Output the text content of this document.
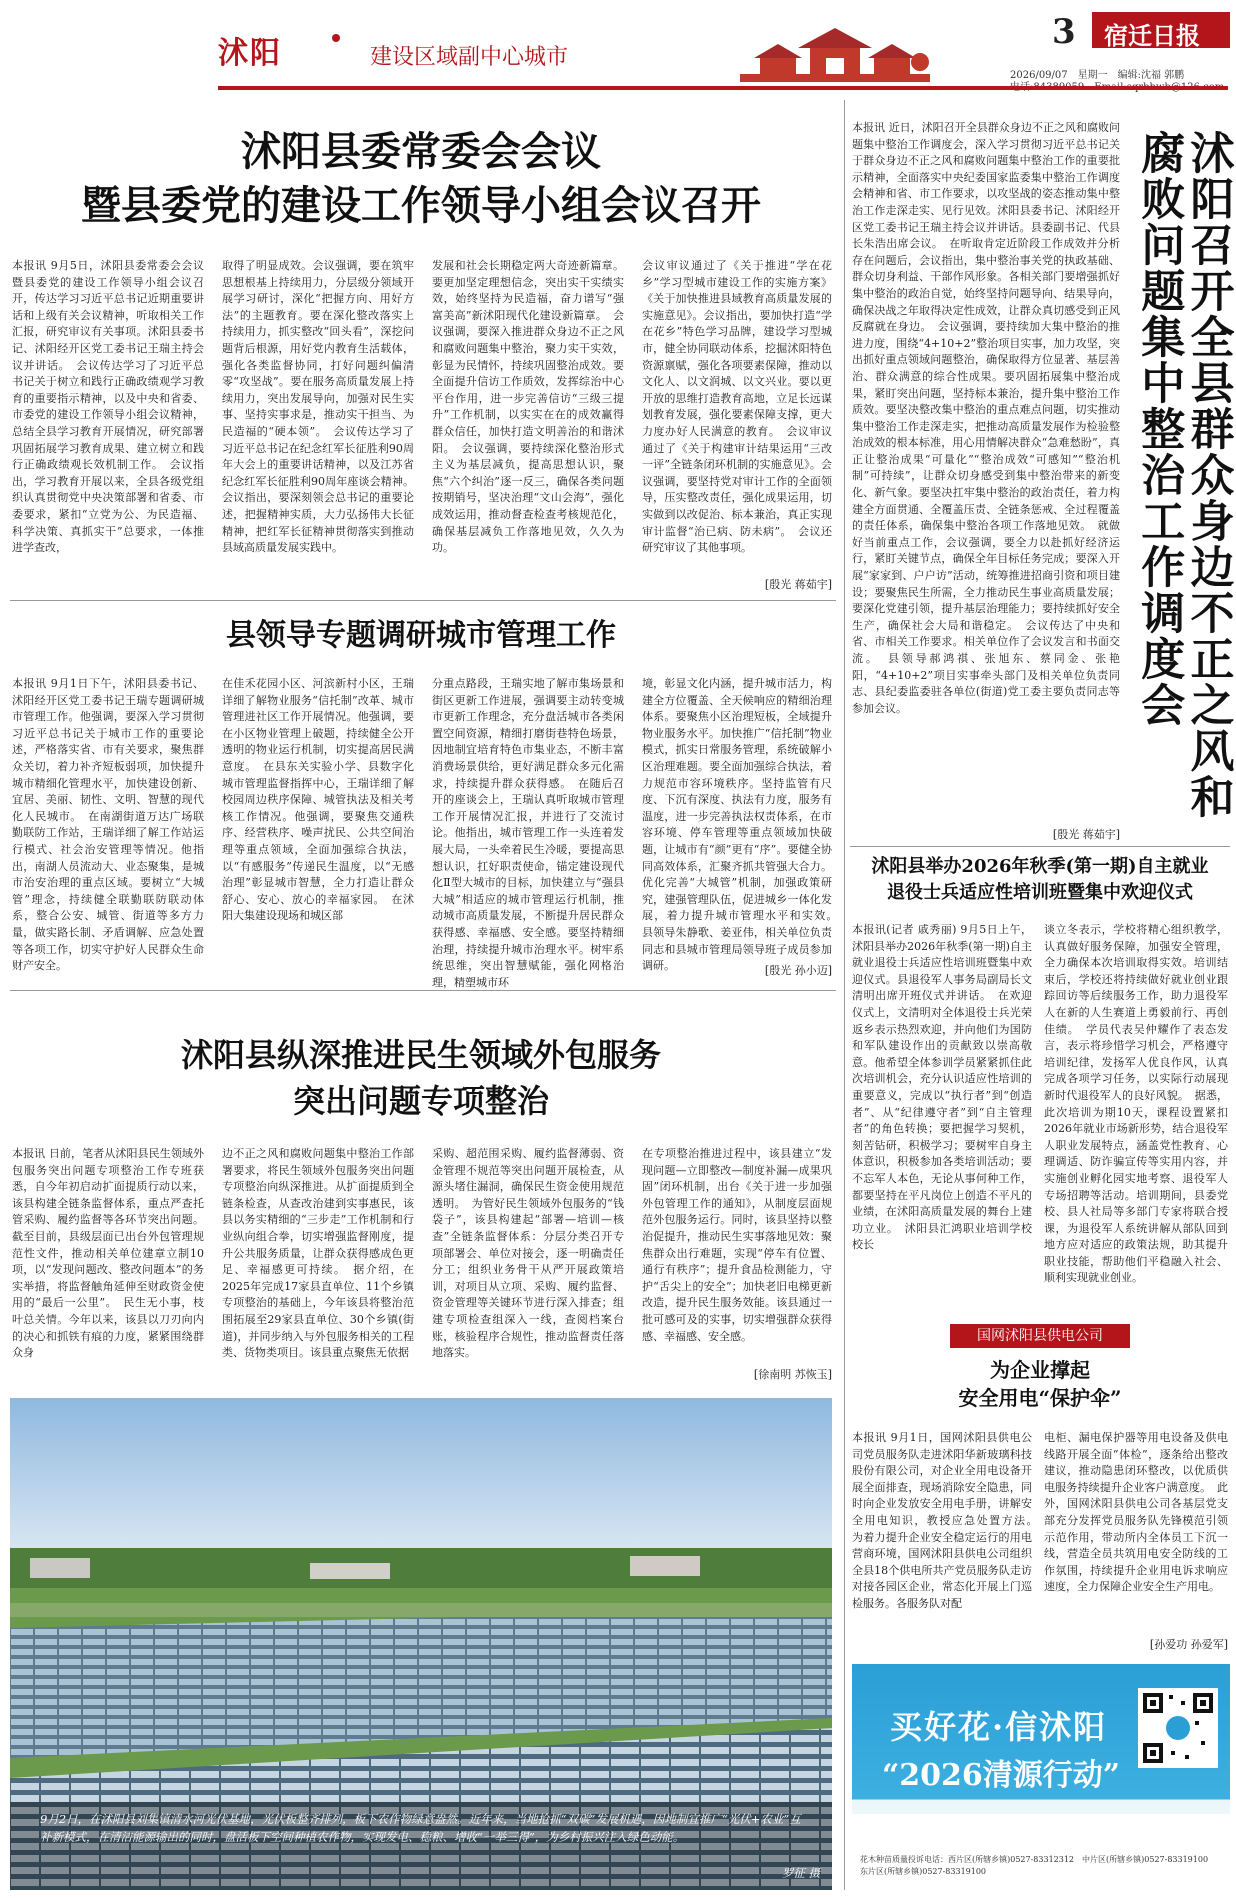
沭阳	建设区域副中心城市
3 宿迁日报
2026/09/07　星期一　编辑:沈福 郭鹏
沭阳县委常委会会议
暨县委党的建设工作领导小组会议召开
本报讯 9月5日，沭阳县委常委会会议暨县委党的建设工作领导小组会议召开，传达学习习近平总书记近期重要讲话和上级有关会议精神，听取相关工作汇报，研究审议有关事项。沭阳县委书记、沭阳经开区党工委书记王瑞主持会议并讲话。　会议传达学习了习近平总书记关于树立和践行正确政绩观学习教育的重要指示精神，以及中央和省委、市委党的建设工作领导小组会议精神，总结全县学习教育开展情况，研究部署巩固拓展学习教育成果、建立树立和践行正确政绩观长效机制工作。　会议指出，学习教育开展以来，全县各级党组织认真贯彻党中央决策部署和省委、市委要求，紧扣“立党为公、为民造福、科学决策、真抓实干”总要求，一体推进学查改，
取得了明显成效。会议强调，要在筑牢思想根基上持续用力，分层级分领域开展学习研讨，深化“把握方向、用好方法”的主题教育。要在深化整改落实上持续用力，抓实整改“回头看”，深挖问题背后根源，用好党内教育生活载体，强化各类监督协同，打好问题纠偏清零“攻坚战”。要在服务高质量发展上持续用力，突出发展导向，加强对民生实事、坚持实事求是，推动实干担当、为民造福的“硬本领”。　会议传达学习了习近平总书记在纪念红军长征胜利90周年大会上的重要讲话精神，以及江苏省纪念红军长征胜利90周年座谈会精神。会议指出，要深刻领会总书记的重要论述，把握精神实质，大力弘扬伟大长征精神，把红军长征精神贯彻落实到推动县域高质量发展实践中。
发展和社会长期稳定两大奇迹新篇章。要更加坚定理想信念，突出实干实绩实效，始终坚持为民造福，奋力谱写“强富美高”新沭阳现代化建设新篇章。　会议强调，要深入推进群众身边不正之风和腐败问题集中整治，聚力实干实效，彰显为民情怀，持续巩固整治成效。要全面提升信访工作质效，发挥综治中心平台作用，进一步完善信访“三级三提升”工作机制，以实实在在的成效赢得群众信任，加快打造文明善治的和谐沭阳。　会议强调，要持续深化整治形式主义为基层减负，提高思想认识，聚焦“六个纠治”逐一反三，确保各类问题按期销号，坚决治理“文山会海”，强化成效运用，推动督查检查考核规范化，确保基层减负工作落地见效，久久为功。
会议审议通过了《关于推进“学在花乡”学习型城市建设工作的实施方案》《关于加快推进县域教育高质量发展的实施意见》。会议指出，要加快打造“学在花乡”特色学习品牌，建设学习型城市，健全协同联动体系，挖掘沭阳特色资源禀赋，强化各项要素保障，推动以文化人、以文润城、以文兴业。要以更开放的思维打造教育高地，立足长远谋划教育发展，强化要素保障支撑，更大力度办好人民满意的教育。　会议审议通过了《关于构建审计结果运用“三改一评”全链条闭环机制的实施意见》。会议强调，要坚持党对审计工作的全面领导，压实整改责任，强化成果运用，切实做到以改促治、标本兼治，真正实现审计监督“治已病、防未病”。　会议还研究审议了其他事项。
[殷光 蒋茹宇]
县领导专题调研城市管理工作
本报讯 9月1日下午，沭阳县委书记、沭阳经开区党工委书记王瑞专题调研城市管理工作。他强调，要深入学习贯彻习近平总书记关于城市工作的重要论述，严格落实省、市有关要求，聚焦群众关切，着力补齐短板弱项，加快提升城市精细化管理水平，加快建设创新、宜居、美丽、韧性、文明、智慧的现代化人民城市。　在南湖街道万达广场联勤联防工作站，王瑞详细了解工作站运行模式、社会治安管理等情况。他指出，南湖人员流动大、业态聚集，是城市治安治理的重点区域。要树立“大城管”理念，持续健全联勤联防联动体系，整合公安、城管、街道等多方力量，做实路长制、矛盾调解、应急处置等各项工作，切实守护好人民群众生命财产安全。
在佳禾花园小区、河滨新村小区，王瑞详细了解物业服务“信托制”改革、城市管理进社区工作开展情况。他强调，要在小区物业管理上破题，持续健全公开透明的物业运行机制，切实提高居民满意度。　在县东关实验小学、县数字化城市管理监督指挥中心，王瑞详细了解校园周边秩序保障、城管执法及相关考核工作情况。他强调，要聚焦交通秩序、经营秩序、噪声扰民、公共空间治理等重点领域，全面加强综合执法，以“有感服务”传递民生温度，以“无感治理”彰显城市智慧，全力打造让群众舒心、安心、放心的幸福家园。　在沭阳大集建设现场和城区部
分重点路段，王瑞实地了解市集场景和街区更新工作进展，强调要主动转变城市更新工作理念，充分盘活城市各类闲置空间资源，精细打磨街巷特色场景，因地制宜培育特色市集业态，不断丰富消费场景供给，更好满足群众多元化需求，持续提升群众获得感。　在随后召开的座谈会上，王瑞认真听取城市管理工作开展情况汇报，并进行了交流讨论。他指出，城市管理工作一头连着发展大局，一头牵着民生冷暖，要提高思想认识，扛好职责使命，锚定建设现代化Ⅱ型大城市的目标，加快建立与“强县大城”相适应的城市管理运行机制，推动城市高质量发展，不断提升居民群众获得感、幸福感、安全感。要坚持精细治理，持续提升城市治理水平。树牢系统思维，突出智慧赋能，强化网格治理，精塑城市环
境，彰显文化内涵，提升城市活力，构建全方位覆盖、全天候响应的精细治理体系。要聚焦小区治理短板，全域提升物业服务水平。加快推广“信托制”物业模式，抓实日常服务管理，系统破解小区治理难题。要全面加强综合执法，着力规范市容环境秩序。坚持监管有尺度、下沉有深度、执法有力度，服务有温度，进一步完善执法权责体系，在市容环境、停车管理等重点领域加快破题，让城市有“颜”更有“序”。要健全协同高效体系，汇聚齐抓共管强大合力。优化完善“大城管”机制，加强政策研究，建强管理队伍，促进城乡一体化发展，着力提升城市管理水平和实效。　县领导朱静歌、姜亚伟，相关单位负责同志和县城市管理局领导班子成员参加调研。	[殷光 孙小迈]
沭阳县纵深推进民生领域外包服务
突出问题专项整治
本报讯 日前，笔者从沭阳县民生领域外包服务突出问题专项整治工作专班获悉，自今年初启动扩面提质行动以来，该县构建全链条监督体系，重点严查托管采购、履约监督等各环节突出问题。截至目前，县级层面已出台外包管理规范性文件，推动相关单位建章立制10项，以“发现问题改、整改问题本”的务实举措，将监督触角延伸至财政资金使用的“最后一公里”。　民生无小事，枝叶总关情。今年以来，该县以刀刃向内的决心和抓铁有痕的力度，紧紧围绕群众身
边不正之风和腐败问题集中整治工作部署要求，将民生领域外包服务突出问题专项整治向纵深推进。从扩面提质到全链条检查，从查改治建到实事惠民，该县以务实精细的“三步走”工作机制和行业纵向组合拳，切实增强监督刚度，提升公共服务质量，让群众获得感成色更足、幸福感更可持续。　据介绍，在2025年完成17家县直单位、11个乡镇专项整治的基础上，今年该县将整治范围拓展至29家县直单位、30个乡镇(街道)，并同步纳入与外包服务相关的工程类、货物类项目。该县重点聚焦无依据
采购、超范围采购、履约监督薄弱、资金管理不规范等突出问题开展检查，从源头堵住漏洞，确保民生资金使用规范透明。　为管好民生领域外包服务的“钱袋子”，该县构建起“部署—培训—核查”全链条监督体系：分层分类召开专项部署会、单位对接会，逐一明确责任分工；组织业务骨干从严开展政策培训，对项目从立项、采购、履约监督、资金管理等关键环节进行深入排查；组建专项检查组深入一线，查阅档案台账，核验程序合规性，推动监督责任落地落实。
在专项整治推进过程中，该县建立“发现问题—立即整改—制度补漏—成果巩固”闭环机制，出台《关于进一步加强外包管理工作的通知》，从制度层面规范外包服务运行。同时，该县坚持以整治促提升，推动民生实事落地见效：聚焦群众出行难题，实现“停车有位置、通行有秩序”；提升食品检测能力，守护“舌尖上的安全”；加快老旧电梯更新改造，提升民生服务效能。该县通过一批可感可及的实事，切实增强群众获得感、幸福感、安全感。
[徐南明 苏恢玉]
9月2日，在沭阳县刘集镇清水河光伏基地，光伏板整齐排列，板下农作物绿意盎然。近年来，当地抢抓“双碳”发展机遇，因地制宜推广“光伏+农业”互补新模式，在清洁能源输出的同时，盘活板下空间种植农作物，实现发电、稳粮、增收“一举三得”，为乡村振兴注入绿色动能。
罗征 摄
本报讯 近日，沭阳召开全县群众身边不正之风和腐败问题集中整治工作调度会，深入学习贯彻习近平总书记关于群众身边不正之风和腐败问题集中整治工作的重要批示精神，全面落实中央纪委国家监委集中整治工作调度会精神和省、市工作要求，以攻坚战的姿态推动集中整治工作走深走实、见行见效。沭阳县委书记、沭阳经开区党工委书记王瑞主持会议并讲话。县委副书记、代县长朱浩出席会议。　在听取肯定近阶段工作成效并分析存在问题后，会议指出，集中整治事关党的执政基础、群众切身利益、干部作风形象。各相关部门要增强抓好集中整治的政治自觉，始终坚持问题导向、结果导向，确保决战之年取得决定性成效，让群众真切感受到正风反腐就在身边。　会议强调，要持续加大集中整治的推进力度，围绕“4+10+2”整治项目实事，加力攻坚，突出抓好重点领域问题整治，确保取得方位显著、基层善治、群众满意的综合性成果。要巩固拓展集中整治成果，紧盯突出问题，坚持标本兼治，提升集中整治工作质效。要坚决整改集中整治的重点难点问题，切实推动集中整治工作走深走实，把推动高质量发展作为检验整治成效的根本标准，用心用情解决群众“急难愁盼”，真正让整治成果“可量化”“整治成效“可感知”“整治机制”可持续”，让群众切身感受到集中整治带来的新变化、新气象。要坚决扛牢集中整治的政治责任，着力构建全方面贯通、全覆盖压责、全链条惩戒、全过程覆盖的责任体系，确保集中整治各项工作落地见效。　就做好当前重点工作，会议强调，要全力以赴抓好经济运行，紧盯关键节点，确保全年目标任务完成；要深入开展“家家到、户户访”活动，统筹推进招商引资和项目建设；要聚焦民生所需，全力推动民生事业高质量发展；要深化党建引领，提升基层治理能力；要持续抓好安全生产，确保社会大局和谐稳定。　会议传达了中央和省、市相关工作要求。相关单位作了会议发言和书面交流。　县领导郝鸿祺、张旭东、蔡同金、张艳阳，“4+10+2”项目实事牵头部门及相关单位负责同志、县纪委监委驻各单位(街道)党工委主要负责同志等参加会议。
[殷光 蒋茹宇]
沭阳召开全县群众身边不正之风和腐败问题集中整治工作调度会
沭阳县举办2026年秋季(第一期)自主就业
退役士兵适应性培训班暨集中欢迎仪式
本报讯(记者 戚秀丽) 9月5日上午，沭阳县举办2026年秋季(第一期)自主就业退役士兵适应性培训班暨集中欢迎仪式。县退役军人事务局副局长文清明出席开班仪式并讲话。　在欢迎仪式上，文清明对全体退役士兵光荣返乡表示热烈欢迎，并向他们为国防和军队建设作出的贡献致以崇高敬意。他希望全体参训学员紧紧抓住此次培训机会，充分认识适应性培训的重要意义，完成以“执行者”到“创造者”、从“纪律遵守者”到“自主管理者”的角色转换；要把握学习契机，刻苦钻研，积极学习；要树牢自身主体意识，积极参加各类培训活动；要不忘军人本色，无论从事何种工作，都要坚持在平凡岗位上创造不平凡的业绩，在沭阳高质量发展的舞台上建功立业。　沭阳县汇鸿职业培训学校校长
谈立冬表示，学校将精心组织教学，认真做好服务保障，加强安全管理，全力确保本次培训取得实效。培训结束后，学校还将持续做好就业创业跟踪回访等后续服务工作，助力退役军人在新的人生赛道上勇毅前行、再创佳绩。　学员代表吴仲耀作了表态发言，表示将珍惜学习机会，严格遵守培训纪律，发扬军人优良作风，认真完成各项学习任务，以实际行动展现新时代退役军人的良好风貌。　据悉，此次培训为期10天，课程设置紧扣2026年就业市场新形势，结合退役军人职业发展特点，涵盖党性教育、心理调适、防诈骗宣传等实用内容，并实施创业孵化园实地考察、退役军人专场招聘等活动。培训期间，县委党校、县人社局等多部门专家将联合授课，为退役军人系统讲解从部队回到地方应对适应的政策法规，助其提升职业技能，帮助他们平稳融入社会、顺利实现就业创业。
国网沭阳县供电公司
为企业撑起
安全用电“保护伞”
本报讯 9月1日，国网沭阳县供电公司党员服务队走进沭阳华新玻璃科技股份有限公司，对企业全用电设备开展全面排查，现场消除安全隐患，同时向企业发放安全用电手册，讲解安全用电知识，教授应急处置方法。　为着力提升企业安全稳定运行的用电营商环境，国网沭阳县供电公司组织全县18个供电所共产党员服务队走访对接各园区企业，常态化开展上门巡检服务。各服务队对配
电柜、漏电保护器等用电设备及供电线路开展全面“体检”，逐条给出整改建议，推动隐患闭环整改，以优质供电服务持续提升企业客户满意度。　此外，国网沭阳县供电公司各基层党支部充分发挥党员服务队先锋模范引领示范作用，带动所内全体员工下沉一线，营造全员共筑用电安全防线的工作氛围，持续提升企业用电诉求响应速度，全力保障企业安全生产用电。
[孙爱功 孙爱军]
买好花·信沭阳
“2026清源行动”
花木种苗质量投诉电话：西片区(所辖乡镇)0527-83312312　中片区(所辖乡镇)0527-83319100　东片区(所辖乡镇)0527-83319100
